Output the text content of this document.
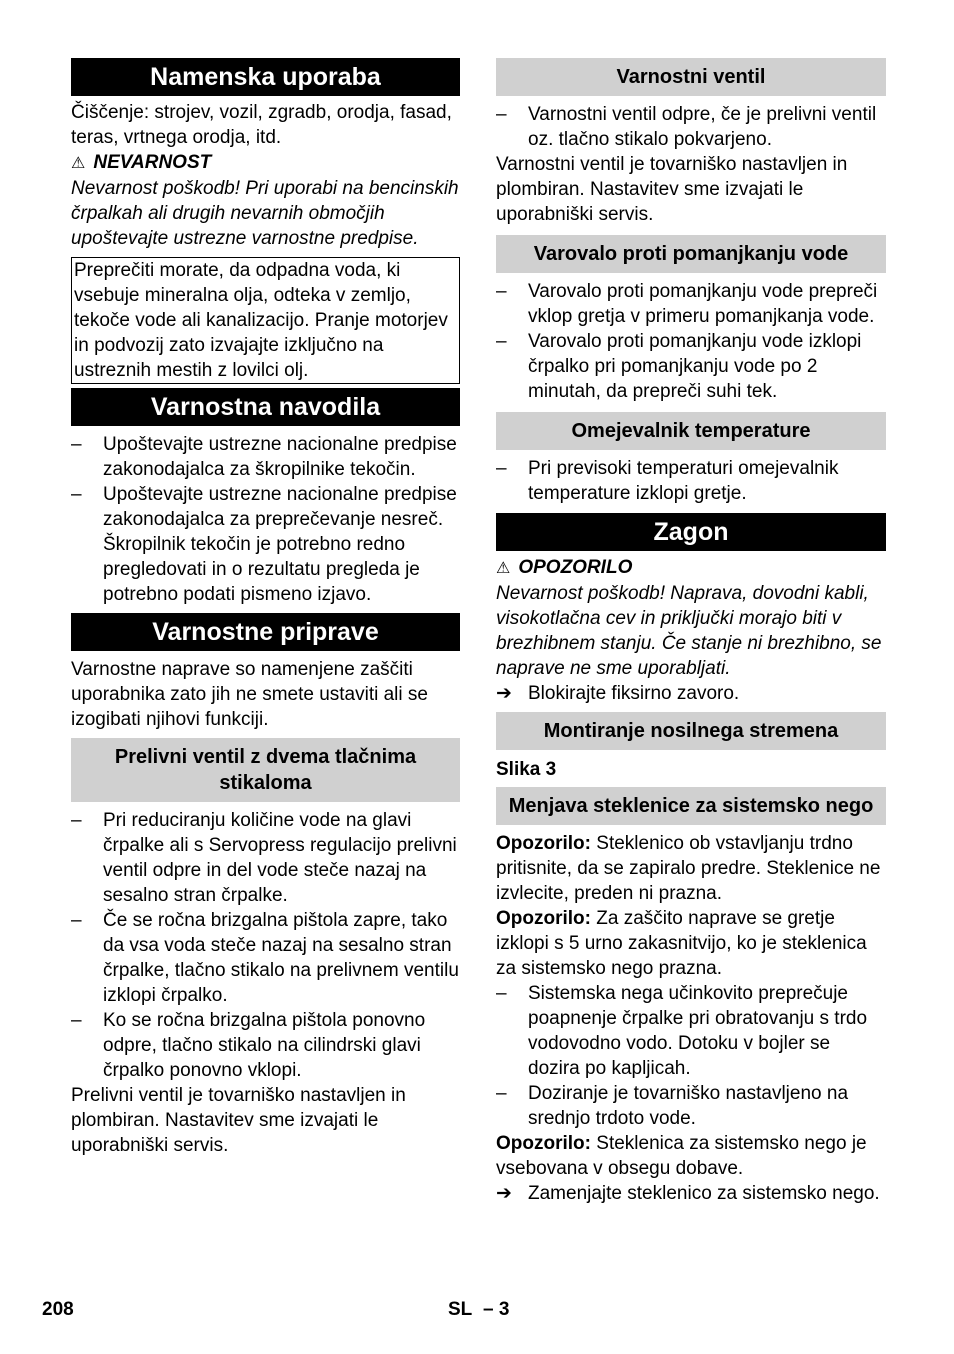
Namenska uporaba

Čiščenje: strojev, vozil, zgradb, orodja, fasad, teras, vrtnega orodja, itd.

⚠ NEVARNOST

Nevarnost poškodb! Pri uporabi na bencinskih črpalkah ali drugih nevarnih območjih upoštevajte ustrezne varnostne predpise.

Preprečiti morate, da odpadna voda, ki vsebuje mineralna olja, odteka v zemljo, tekoče vode ali kanalizacijo. Pranje motorjev in podvozij zato izvajajte izključno na ustreznih mestih z lovilci olj.
Varnostna navodila
– Upoštevajte ustrezne nacionalne predpise zakonodajalca za škropilnike tekočin.
– Upoštevajte ustrezne nacionalne predpise zakonodajalca za preprečevanje nesreč. Škropilnik tekočin je potrebno redno pregledovati in o rezultatu pregleda je potrebno podati pismeno izjavo.
Varnostne priprave

Varnostne naprave so namenjene zaščiti uporabnika zato jih ne smete ustaviti ali se izogibati njihovi funkciji.

Prelivni ventil z dvema tlačnima stikaloma
– Pri reduciranju količine vode na glavi črpalke ali s Servopress regulacijo prelivni ventil odpre in del vode steče nazaj na sesalno stran črpalke.
– Če se ročna brizgalna pištola zapre, tako da vsa voda steče nazaj na sesalno stran črpalke, tlačno stikalo na prelivnem ventilu izklopi črpalko.
– Ko se ročna brizgalna pištola ponovno odpre, tlačno stikalo na cilindrski glavi črpalko ponovno vklopi.

Prelivni ventil je tovarniško nastavljen in plombiran. Nastavitev sme izvajati le uporabniški servis.

Varnostni ventil
– Varnostni ventil odpre, če je prelivni ventil oz. tlačno stikalo pokvarjeno.

Varnostni ventil je tovarniško nastavljen in plombiran. Nastavitev sme izvajati le uporabniški servis.

Varovalo proti pomanjkanju vode
– Varovalo proti pomanjkanju vode prepreči vklop gretja v primeru pomanjkanja vode.
– Varovalo proti pomanjkanju vode izklopi črpalko pri pomanjkanju vode po 2 minutah, da prepreči suhi tek.
Omejevalnik temperature
– Pri previsoki temperaturi omejevalnik temperature izklopi gretje.
Zagon

⚠ OPOZORILO

Nevarnost poškodb! Naprava, dovodni kabli, visokotlačna cev in priključki morajo biti v brezhibnem stanju. Če stanje ni brezhibno, se naprave ne sme uporabljati.

➔ Blokirajte fiksirno zavoro.
Montiranje nosilnega stremena

Slika 3

Menjava steklenice za sistemsko nego

Opozorilo: Steklenico ob vstavljanju trdno pritisnite, da se zapiralo predre. Steklenice ne izvlecite, preden ni prazna.

Opozorilo: Za zaščito naprave se gretje izklopi s 5 urno zakasnitvijo, ko je steklenica za sistemsko nego prazna.

– Sistemska nega učinkovito preprečuje poapnenje črpalke pri obratovanju s trdo vodovodno vodo. Dotoku v bojler se dozira po kapljicah.
– Doziranje je tovarniško nastavljeno na srednjo trdoto vode.

Opozorilo: Steklenica za sistemsko nego je vsebovana v obsegu dobave.

➔ Zamenjajte steklenico za sistemsko nego.
208	SL – 3
